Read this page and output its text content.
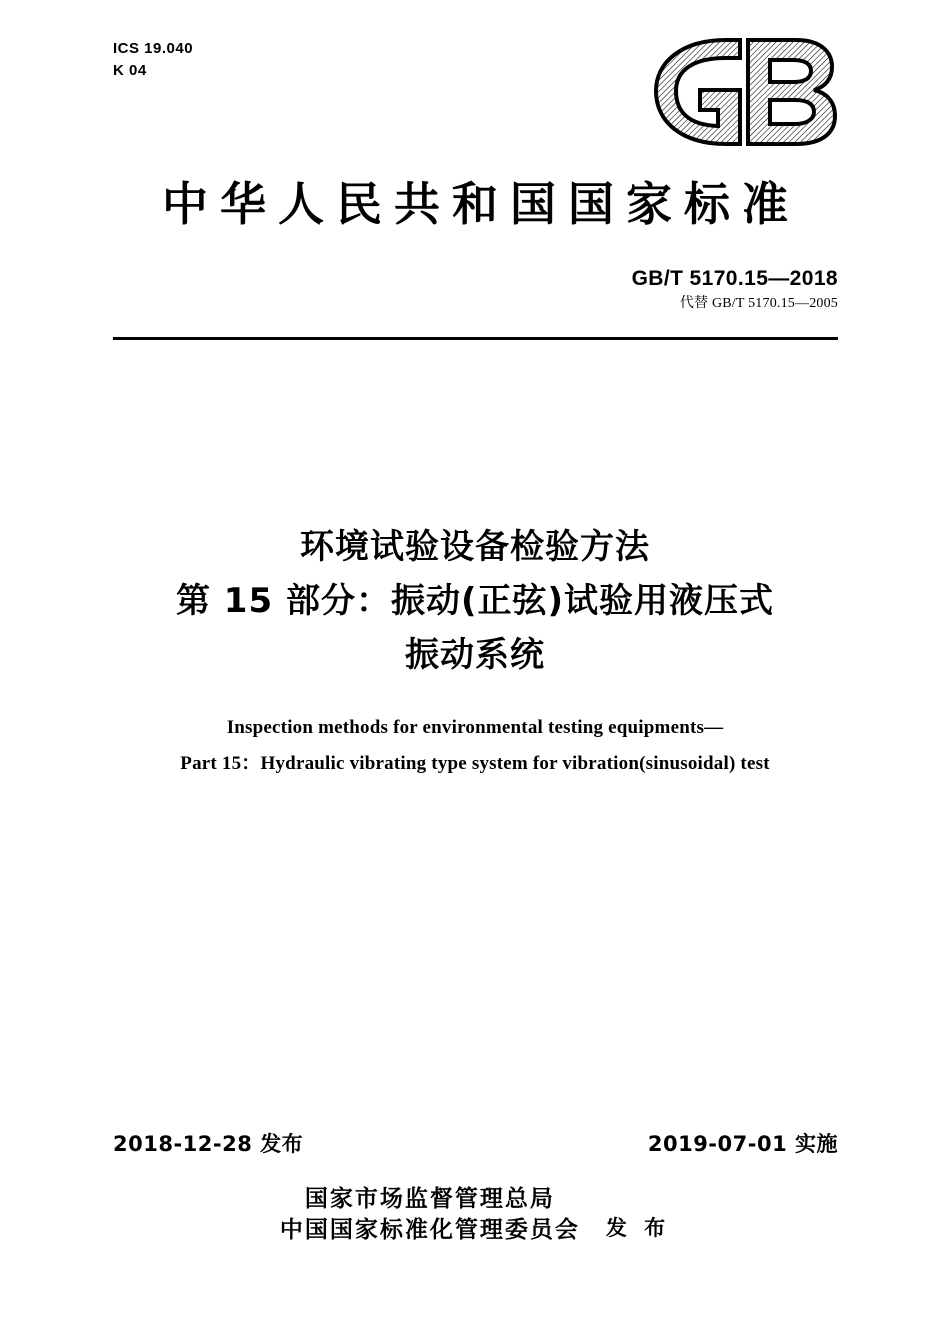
ICS 19.040
K 04
中华人民共和国国家标准
GB/T 5170.15—2018
代替 GB/T 5170.15—2005
环境试验设备检验方法
第 15 部分：振动(正弦)试验用液压式
振动系统
Inspection methods for environmental testing equipments—
Part 15：Hydraulic vibrating type system for vibration(sinusoidal) test
2018-12-28 发布	2019-07-01 实施
国家市场监督管理总局
中国国家标准化管理委员会 发 布
